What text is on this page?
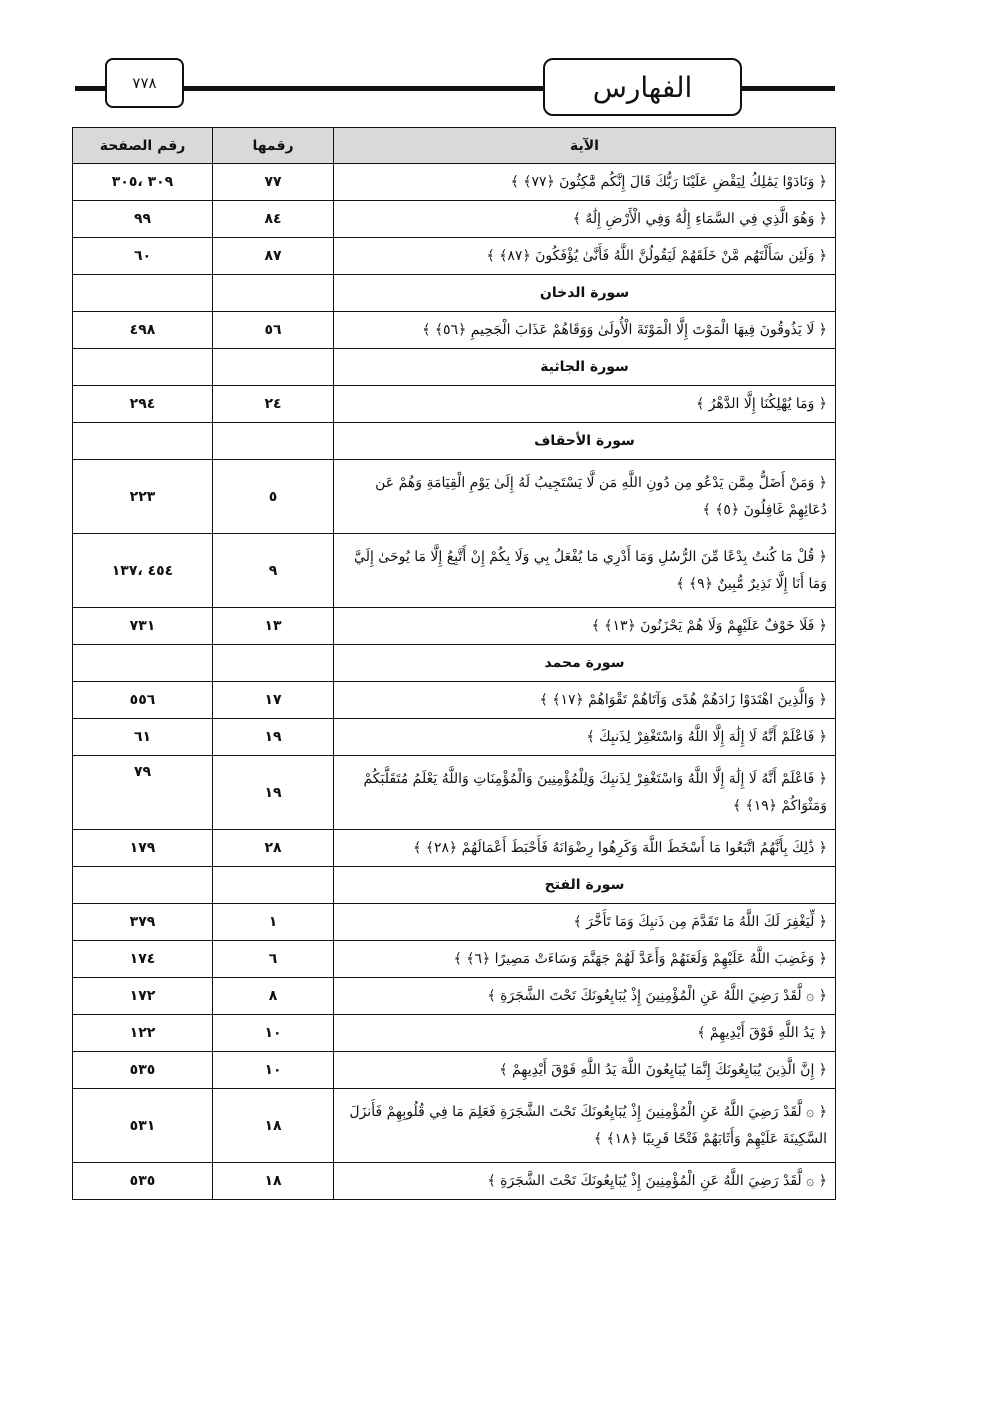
الفهارس
٧٧٨
الآية	رقمها	رقم الصفحة
﴿ وَنَادَوْا يَمَٰلِكُ لِيَقْضِ عَلَيْنَا رَبُّكَ قَالَ إِنَّكُم مَّٰكِثُونَ ﴿٧٧﴾ ﴾	٧٧	٣٠٩ ،٣٠٥
﴿ وَهُوَ الَّذِي فِي السَّمَاءِ إِلَٰهٌ وَفِي الْأَرْضِ إِلَٰهٌ ﴾	٨٤	٩٩
﴿ وَلَئِن سَأَلْتَهُم مَّنْ خَلَقَهُمْ لَيَقُولُنَّ اللَّهُ فَأَنَّىٰ يُؤْفَكُونَ ﴿٨٧﴾ ﴾	٨٧	٦٠
سورة الدخان		
﴿ لَا يَذُوقُونَ فِيهَا الْمَوْتَ إِلَّا الْمَوْتَةَ الْأُولَىٰ وَوَقَاهُمْ عَذَابَ الْجَحِيمِ ﴿٥٦﴾ ﴾	٥٦	٤٩٨
سورة الجاثية		
﴿ وَمَا يُهْلِكُنَا إِلَّا الدَّهْرُ ﴾	٢٤	٢٩٤
سورة الأحقاف		
﴿ وَمَنْ أَضَلُّ مِمَّن يَدْعُو مِن دُونِ اللَّهِ مَن لَّا يَسْتَجِيبُ لَهُ إِلَىٰ يَوْمِ الْقِيَامَةِ وَهُمْ عَن دُعَائِهِمْ غَافِلُونَ ﴿٥﴾ ﴾	٥	٢٢٣
﴿ قُلْ مَا كُنتُ بِدْعًا مِّنَ الرُّسُلِ وَمَا أَدْرِي مَا يُفْعَلُ بِي وَلَا بِكُمْ إِنْ أَتَّبِعُ إِلَّا مَا يُوحَىٰ إِلَيَّ وَمَا أَنَا إِلَّا نَذِيرٌ مُّبِينٌ ﴿٩﴾ ﴾	٩	٤٥٤ ،١٣٧
﴿ فَلَا خَوْفٌ عَلَيْهِمْ وَلَا هُمْ يَحْزَنُونَ ﴿١٣﴾ ﴾	١٣	٧٣١
سورة محمد		
﴿ وَالَّذِينَ اهْتَدَوْا زَادَهُمْ هُدًى وَآتَاهُمْ تَقْوَاهُمْ ﴿١٧﴾ ﴾	١٧	٥٥٦
﴿ فَاعْلَمْ أَنَّهُ لَا إِلَٰهَ إِلَّا اللَّهُ وَاسْتَغْفِرْ لِذَنبِكَ ﴾	١٩	٦١
﴿ فَاعْلَمْ أَنَّهُ لَا إِلَٰهَ إِلَّا اللَّهُ وَاسْتَغْفِرْ لِذَنبِكَ وَلِلْمُؤْمِنِينَ وَالْمُؤْمِنَاتِ وَاللَّهُ يَعْلَمُ مُتَقَلَّبَكُمْ وَمَثْوَاكُمْ ﴿١٩﴾ ﴾	١٩	٧٩
﴿ ذَٰلِكَ بِأَنَّهُمُ اتَّبَعُوا مَا أَسْخَطَ اللَّهَ وَكَرِهُوا رِضْوَانَهُ فَأَحْبَطَ أَعْمَالَهُمْ ﴿٢٨﴾ ﴾	٢٨	١٧٩
سورة الفتح		
﴿ لِّيَغْفِرَ لَكَ اللَّهُ مَا تَقَدَّمَ مِن ذَنبِكَ وَمَا تَأَخَّرَ ﴾	١	٣٧٩
﴿ وَغَضِبَ اللَّهُ عَلَيْهِمْ وَلَعَنَهُمْ وَأَعَدَّ لَهُمْ جَهَنَّمَ وَسَاءَتْ مَصِيرًا ﴿٦﴾ ﴾	٦	١٧٤
﴿ ۞ لَّقَدْ رَضِيَ اللَّهُ عَنِ الْمُؤْمِنِينَ إِذْ يُبَايِعُونَكَ تَحْتَ الشَّجَرَةِ ﴾	٨	١٧٢
﴿ يَدُ اللَّهِ فَوْقَ أَيْدِيهِمْ ﴾	١٠	١٢٢
﴿ إِنَّ الَّذِينَ يُبَايِعُونَكَ إِنَّمَا يُبَايِعُونَ اللَّهَ يَدُ اللَّهِ فَوْقَ أَيْدِيهِمْ ﴾	١٠	٥٣٥
﴿ ۞ لَّقَدْ رَضِيَ اللَّهُ عَنِ الْمُؤْمِنِينَ إِذْ يُبَايِعُونَكَ تَحْتَ الشَّجَرَةِ فَعَلِمَ مَا فِي قُلُوبِهِمْ فَأَنزَلَ السَّكِينَةَ عَلَيْهِمْ وَأَثَابَهُمْ فَتْحًا قَرِيبًا ﴿١٨﴾ ﴾	١٨	٥٣١
﴿ ۞ لَّقَدْ رَضِيَ اللَّهُ عَنِ الْمُؤْمِنِينَ إِذْ يُبَايِعُونَكَ تَحْتَ الشَّجَرَةِ ﴾	١٨	٥٣٥
